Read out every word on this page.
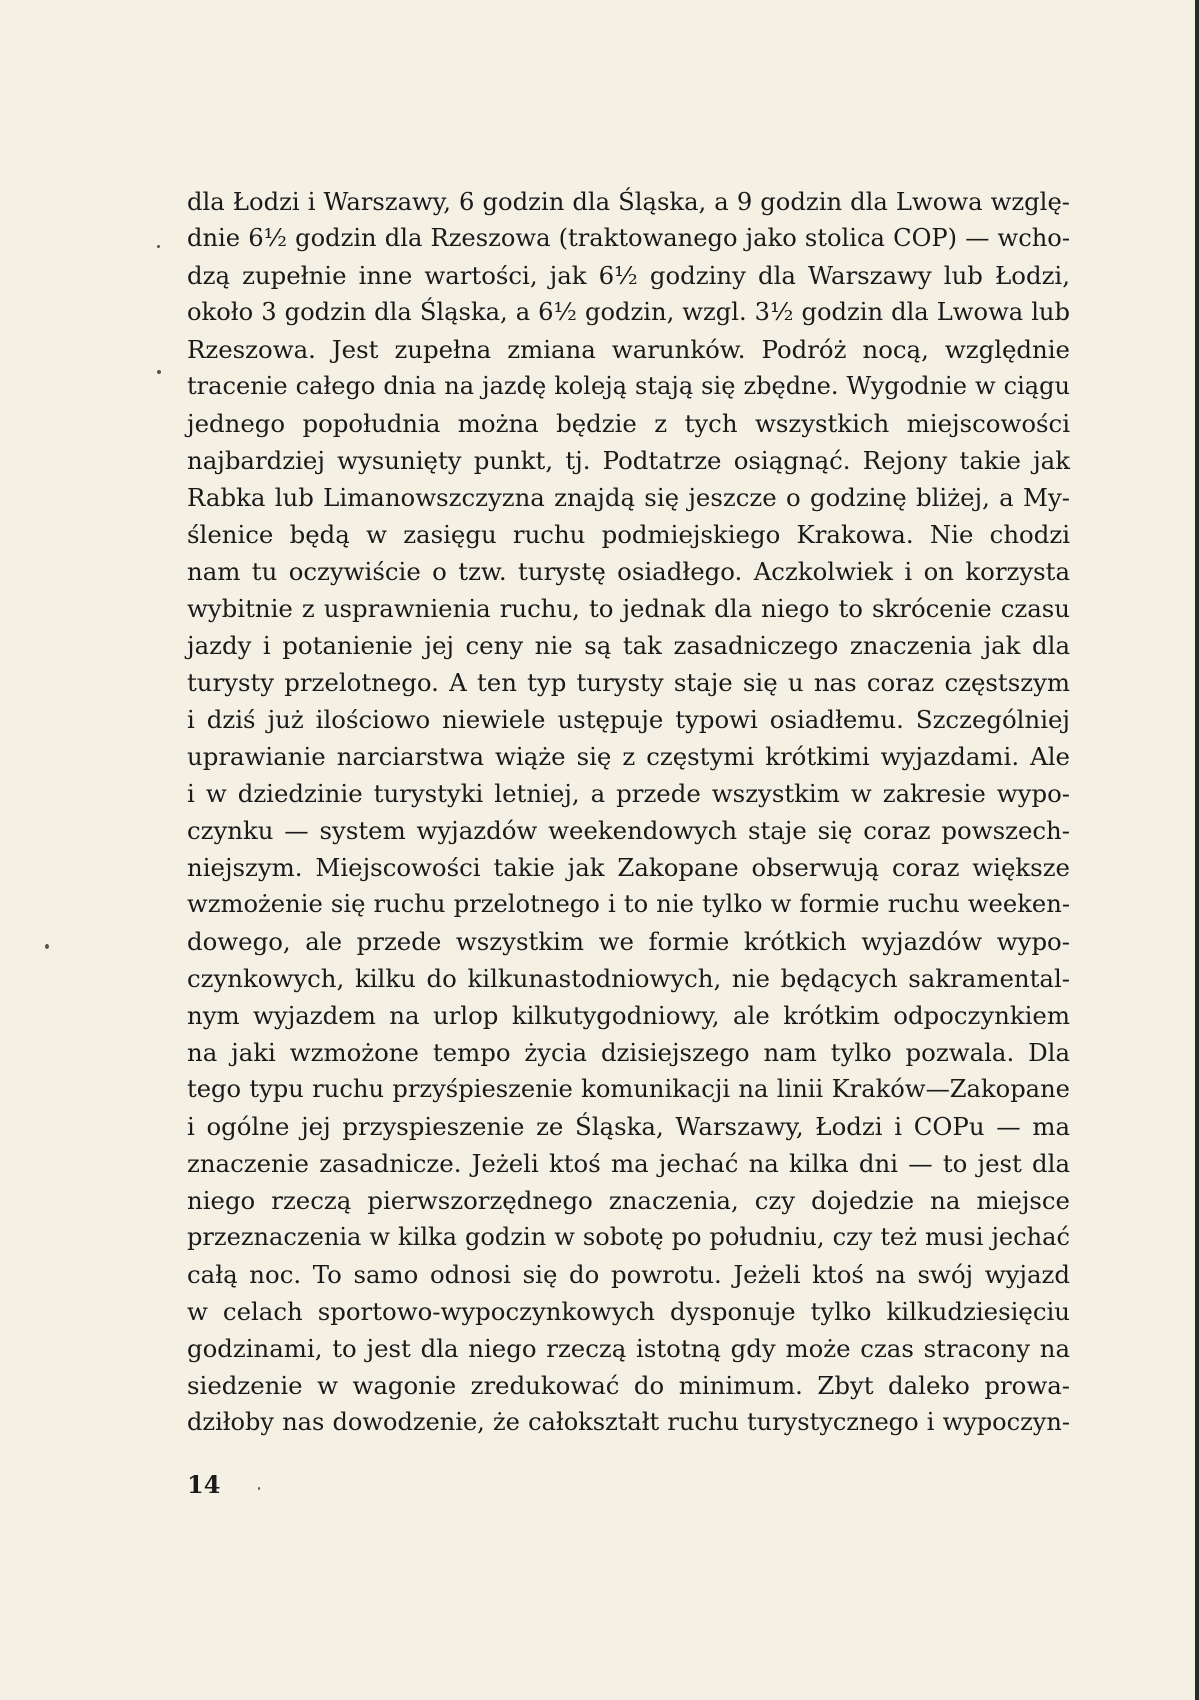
dla Łodzi i Warszawy, 6 godzin dla Śląska, a 9 godzin dla Lwowa wzglę-
dnie 6½ godzin dla Rzeszowa (traktowanego jako stolica COP) — wcho-
dzą zupełnie inne wartości, jak 6½ godziny dla Warszawy lub Łodzi,
około 3 godzin dla Śląska, a 6½ godzin, wzgl. 3½ godzin dla Lwowa lub
Rzeszowa. Jest zupełna zmiana warunków. Podróż nocą, względnie
tracenie całego dnia na jazdę koleją stają się zbędne. Wygodnie w ciągu
jednego popołudnia można będzie z tych wszystkich miejscowości
najbardziej wysunięty punkt, tj. Podtatrze osiągnąć. Rejony takie jak
Rabka lub Limanowszczyzna znajdą się jeszcze o godzinę bliżej, a My-
ślenice będą w zasięgu ruchu podmiejskiego Krakowa. Nie chodzi
nam tu oczywiście o tzw. turystę osiadłego. Aczkolwiek i on korzysta
wybitnie z usprawnienia ruchu, to jednak dla niego to skrócenie czasu
jazdy i potanienie jej ceny nie są tak zasadniczego znaczenia jak dla
turysty przelotnego. A ten typ turysty staje się u nas coraz częstszym
i dziś już ilościowo niewiele ustępuje typowi osiadłemu. Szczególniej
uprawianie narciarstwa wiąże się z częstymi krótkimi wyjazdami. Ale
i w dziedzinie turystyki letniej, a przede wszystkim w zakresie wypo-
czynku — system wyjazdów weekendowych staje się coraz powszech-
niejszym. Miejscowości takie jak Zakopane obserwują coraz większe
wzmożenie się ruchu przelotnego i to nie tylko w formie ruchu weeken-
dowego, ale przede wszystkim we formie krótkich wyjazdów wypo-
czynkowych, kilku do kilkunastodniowych, nie będących sakramental-
nym wyjazdem na urlop kilkutygodniowy, ale krótkim odpoczynkiem
na jaki wzmożone tempo życia dzisiejszego nam tylko pozwala. Dla
tego typu ruchu przyśpieszenie komunikacji na linii Kraków—Zakopane
i ogólne jej przyspieszenie ze Śląska, Warszawy, Łodzi i COPu — ma
znaczenie zasadnicze. Jeżeli ktoś ma jechać na kilka dni — to jest dla
niego rzeczą pierwszorzędnego znaczenia, czy dojedzie na miejsce
przeznaczenia w kilka godzin w sobotę po południu, czy też musi jechać
całą noc. To samo odnosi się do powrotu. Jeżeli ktoś na swój wyjazd
w celach sportowo-wypoczynkowych dysponuje tylko kilkudziesięciu
godzinami, to jest dla niego rzeczą istotną gdy może czas stracony na
siedzenie w wagonie zredukować do minimum. Zbyt daleko prowa-
dziłoby nas dowodzenie, że całokształt ruchu turystycznego i wypoczyn-
14
